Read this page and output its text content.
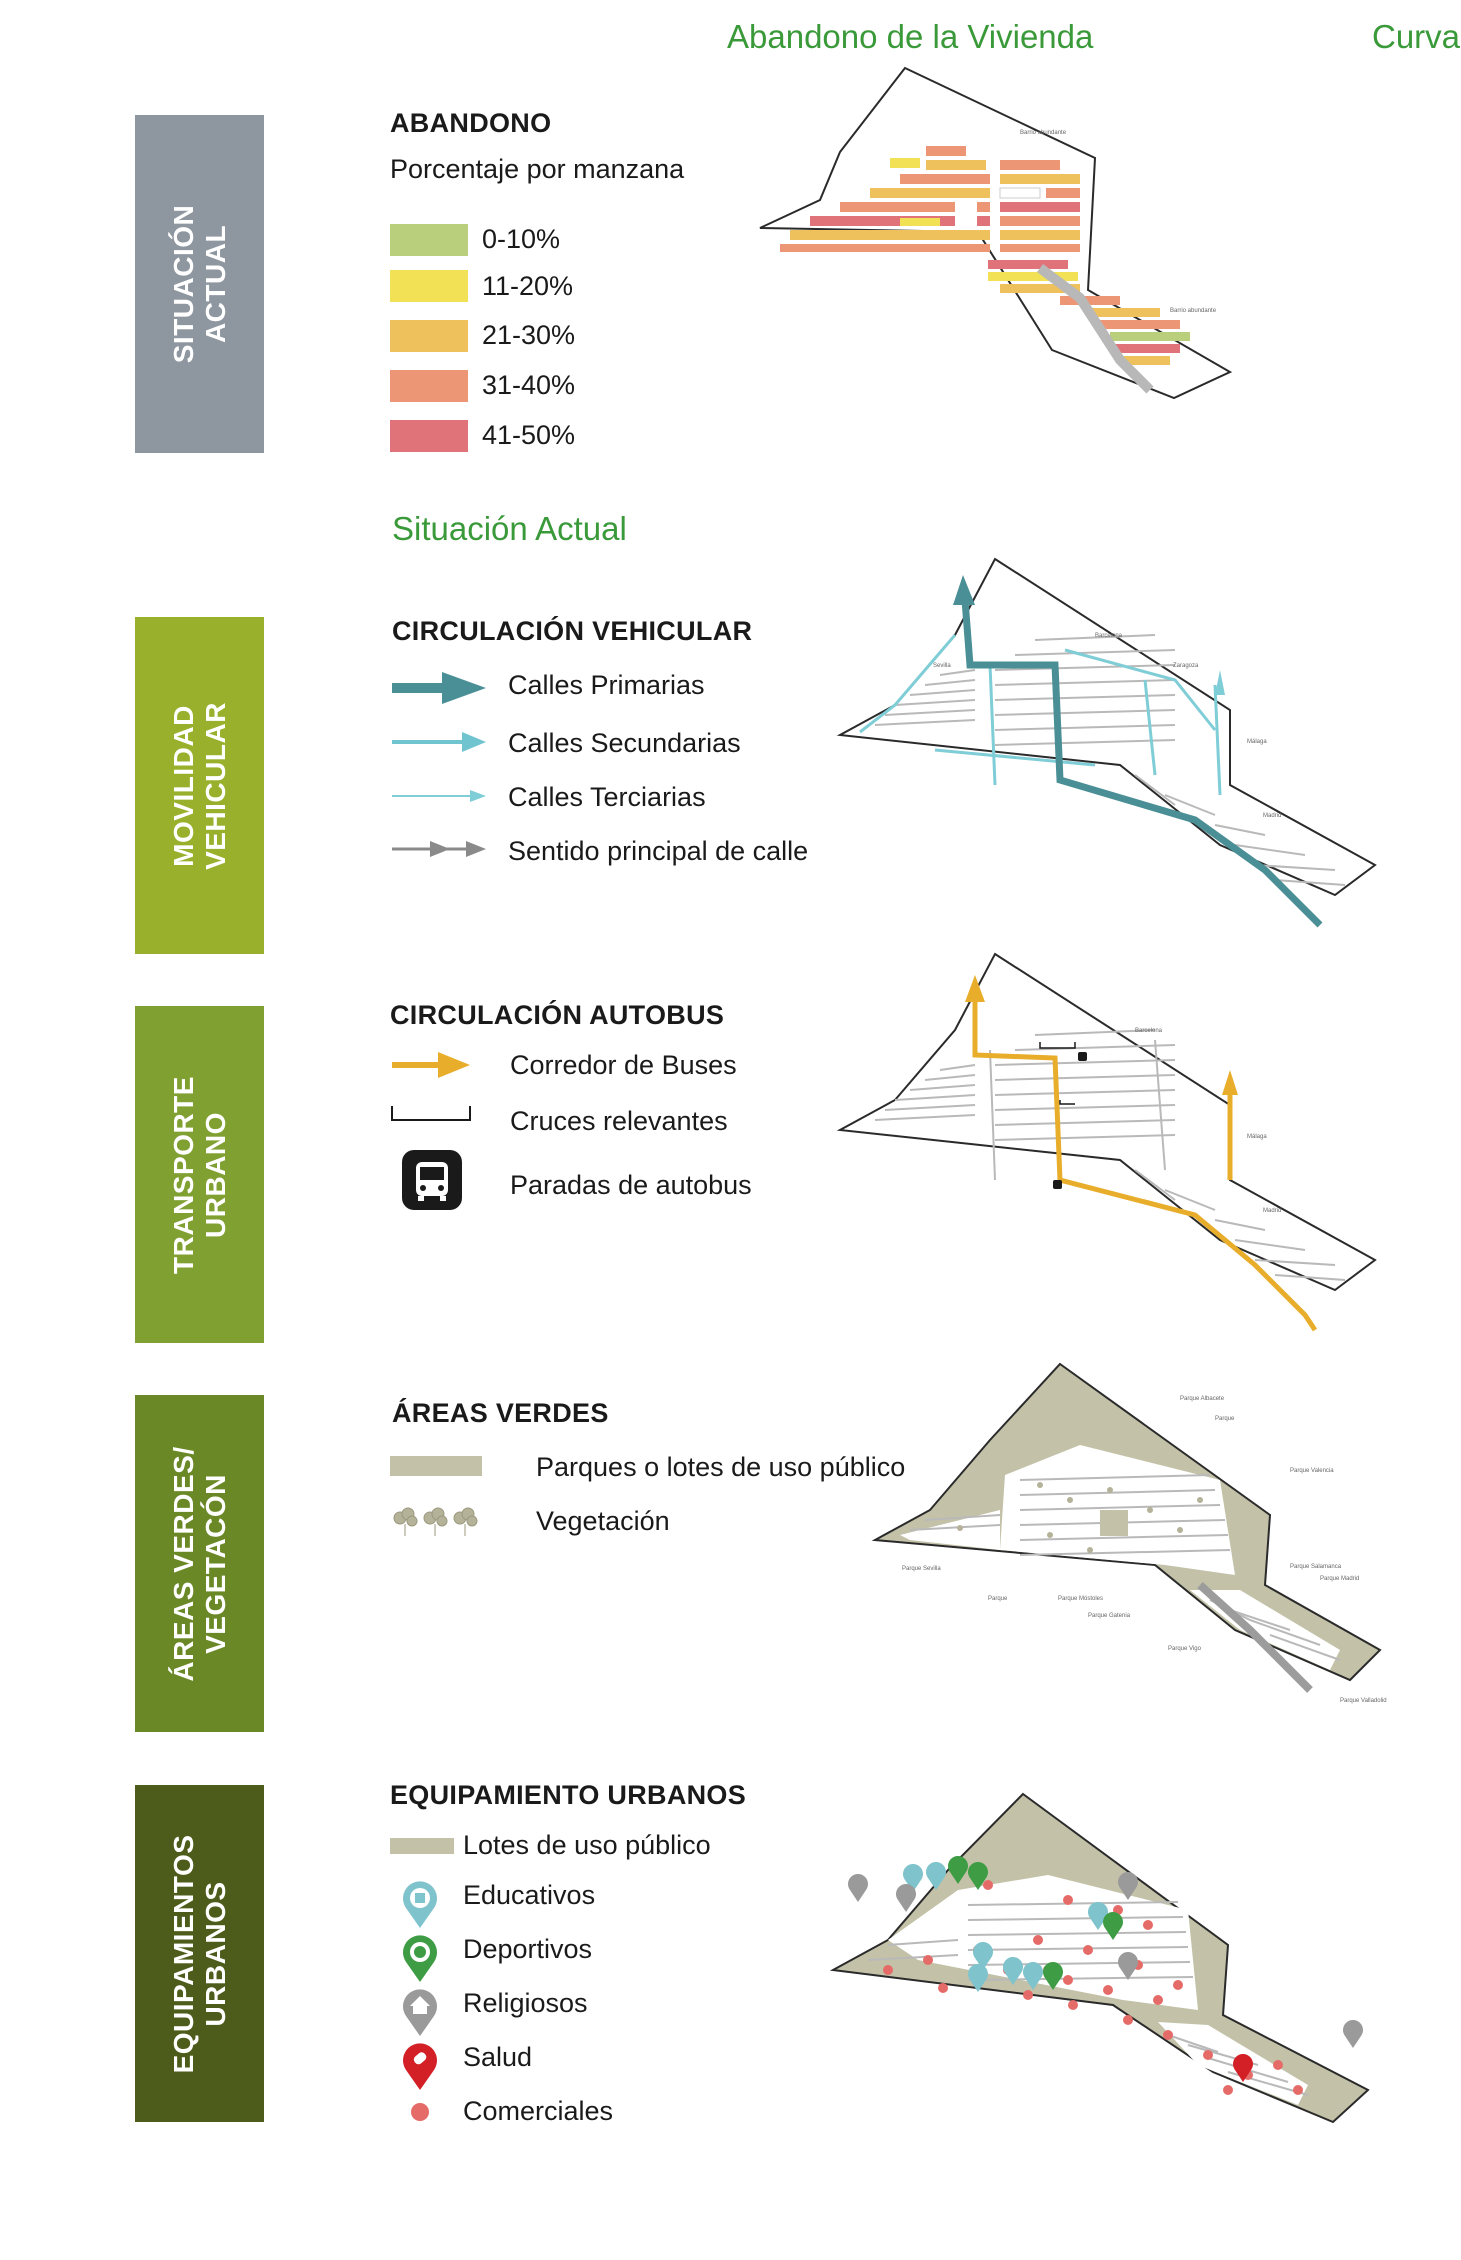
Abandono de la Vivienda	Curva
SITUACIÓN ACTUAL
MOVILIDAD VEHICULAR
TRANSPORTE URBANO
ÁREAS VERDES/ VEGETACÓN
EQUIPAMIENTOS URBANOS
ABANDONO
Porcentaje por manzana
0-10%
11-20%
21-30%
31-40%
41-50%
Situación Actual
Barrio abundante
Barrio abundante
CIRCULACIÓN VEHICULAR
Calles Primarias
Calles Secundarias
Calles Terciarias
Sentido principal de calle
Barcelona
Zaragoza
Sevilla
Málaga
Madrid
CIRCULACIÓN AUTOBUS
Corredor de Buses
Cruces relevantes
Paradas de autobus
Barcelona
Málaga
Madrid
ÁREAS VERDES
Parques o lotes de uso público
Vegetación
Parque Albacete
Parque
Parque Valencia
Parque Salamanca
Parque Madrid
Parque Sevilla
Parque	Parque Móstoles
Parque Gatenia
Parque Vigo
Parque Valladolid
EQUIPAMIENTO URBANOS
Lotes de uso público
Educativos
Deportivos
Religiosos
Salud
Comerciales
